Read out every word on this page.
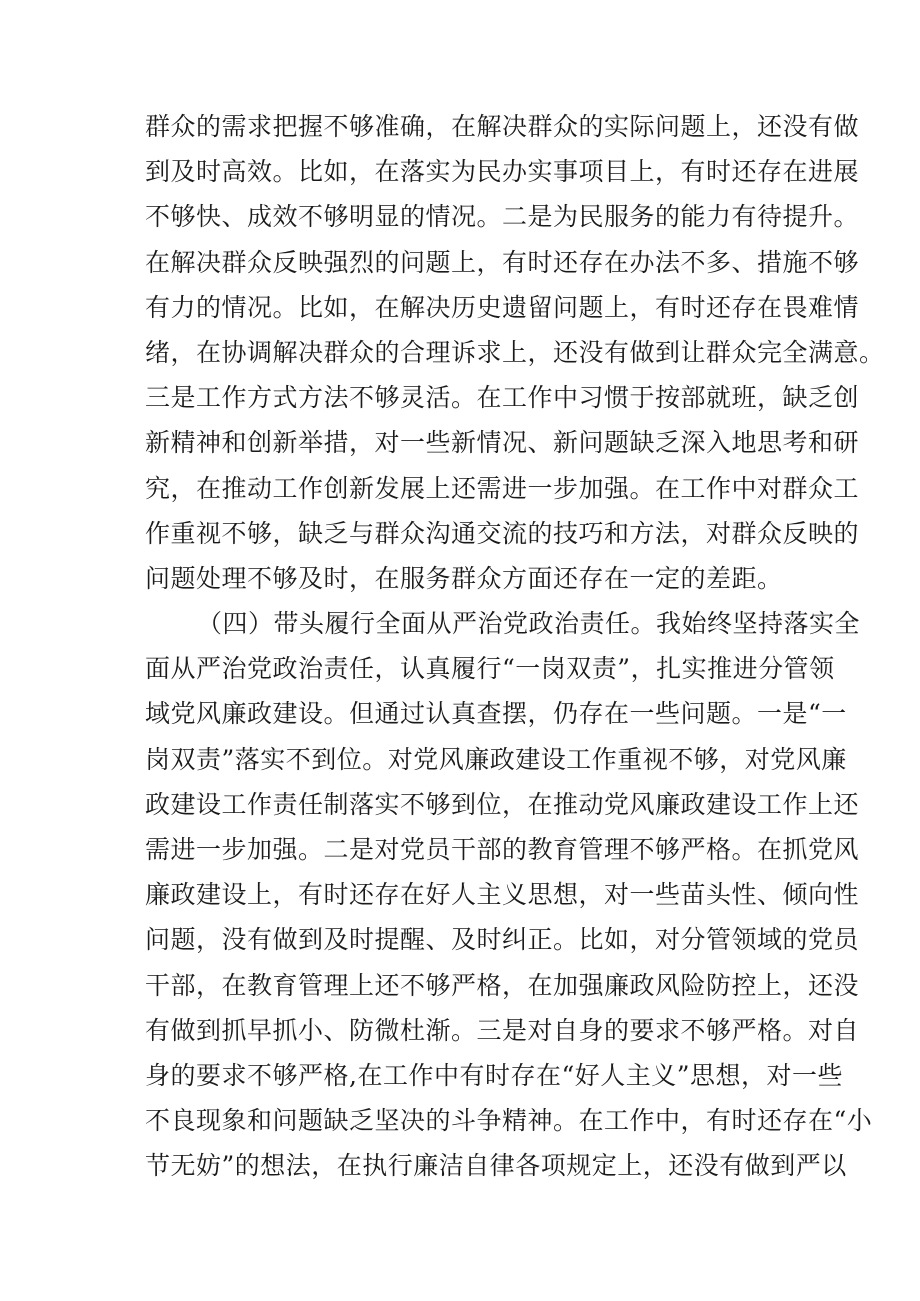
群众的需求把握不够准确，在解决群众的实际问题上，还没有做
到及时高效。比如，在落实为民办实事项目上，有时还存在进展
不够快、成效不够明显的情况。二是为民服务的能力有待提升。
在解决群众反映强烈的问题上，有时还存在办法不多、措施不够
有力的情况。比如，在解决历史遗留问题上，有时还存在畏难情
绪，在协调解决群众的合理诉求上，还没有做到让群众完全满意。
三是工作方式方法不够灵活。在工作中习惯于按部就班，缺乏创
新精神和创新举措，对一些新情况、新问题缺乏深入地思考和研
究，在推动工作创新发展上还需进一步加强。在工作中对群众工
作重视不够，缺乏与群众沟通交流的技巧和方法，对群众反映的
问题处理不够及时，在服务群众方面还存在一定的差距。
（四）带头履行全面从严治党政治责任。我始终坚持落实全
面从严治党政治责任，认真履行“一岗双责”，扎实推进分管领
域党风廉政建设。但通过认真查摆，仍存在一些问题。一是“一
岗双责”落实不到位。对党风廉政建设工作重视不够，对党风廉
政建设工作责任制落实不够到位，在推动党风廉政建设工作上还
需进一步加强。二是对党员干部的教育管理不够严格。在抓党风
廉政建设上，有时还存在好人主义思想，对一些苗头性、倾向性
问题，没有做到及时提醒、及时纠正。比如，对分管领域的党员
干部，在教育管理上还不够严格，在加强廉政风险防控上，还没
有做到抓早抓小、防微杜渐。三是对自身的要求不够严格。对自
身的要求不够严格,在工作中有时存在“好人主义”思想，对一些
不良现象和问题缺乏坚决的斗争精神。在工作中，有时还存在“小
节无妨”的想法，在执行廉洁自律各项规定上，还没有做到严以
